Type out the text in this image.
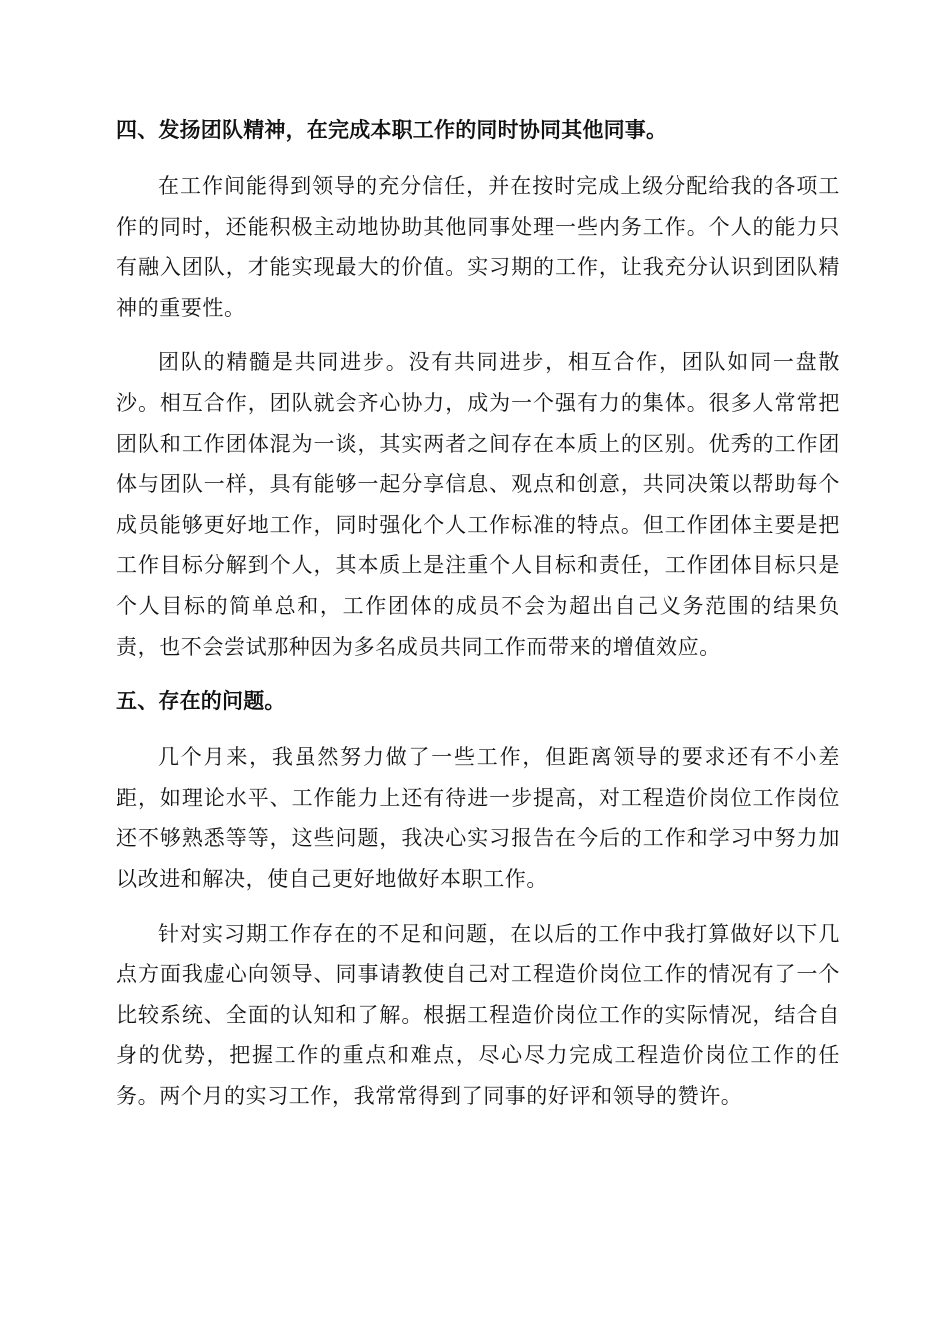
四、发扬团队精神，在完成本职工作的同时协同其他同事。

在工作间能得到领导的充分信任，并在按时完成上级分配给我的各项工作的同时，还能积极主动地协助其他同事处理一些内务工作。个人的能力只有融入团队，才能实现最大的价值。实习期的工作，让我充分认识到团队精神的重要性。

团队的精髓是共同进步。没有共同进步，相互合作，团队如同一盘散沙。相互合作，团队就会齐心协力，成为一个强有力的集体。很多人常常把团队和工作团体混为一谈，其实两者之间存在本质上的区别。优秀的工作团体与团队一样，具有能够一起分享信息、观点和创意，共同决策以帮助每个成员能够更好地工作，同时强化个人工作标准的特点。但工作团体主要是把工作目标分解到个人，其本质上是注重个人目标和责任，工作团体目标只是个人目标的简单总和，工作团体的成员不会为超出自己义务范围的结果负责，也不会尝试那种因为多名成员共同工作而带来的增值效应。

五、存在的问题。

几个月来，我虽然努力做了一些工作，但距离领导的要求还有不小差距，如理论水平、工作能力上还有待进一步提高，对工程造价岗位工作岗位还不够熟悉等等，这些问题，我决心实习报告在今后的工作和学习中努力加以改进和解决，使自己更好地做好本职工作。

针对实习期工作存在的不足和问题，在以后的工作中我打算做好以下几点方面我虚心向领导、同事请教使自己对工程造价岗位工作的情况有了一个比较系统、全面的认知和了解。根据工程造价岗位工作的实际情况，结合自身的优势，把握工作的重点和难点，尽心尽力完成工程造价岗位工作的任务。两个月的实习工作，我常常得到了同事的好评和领导的赞许。
